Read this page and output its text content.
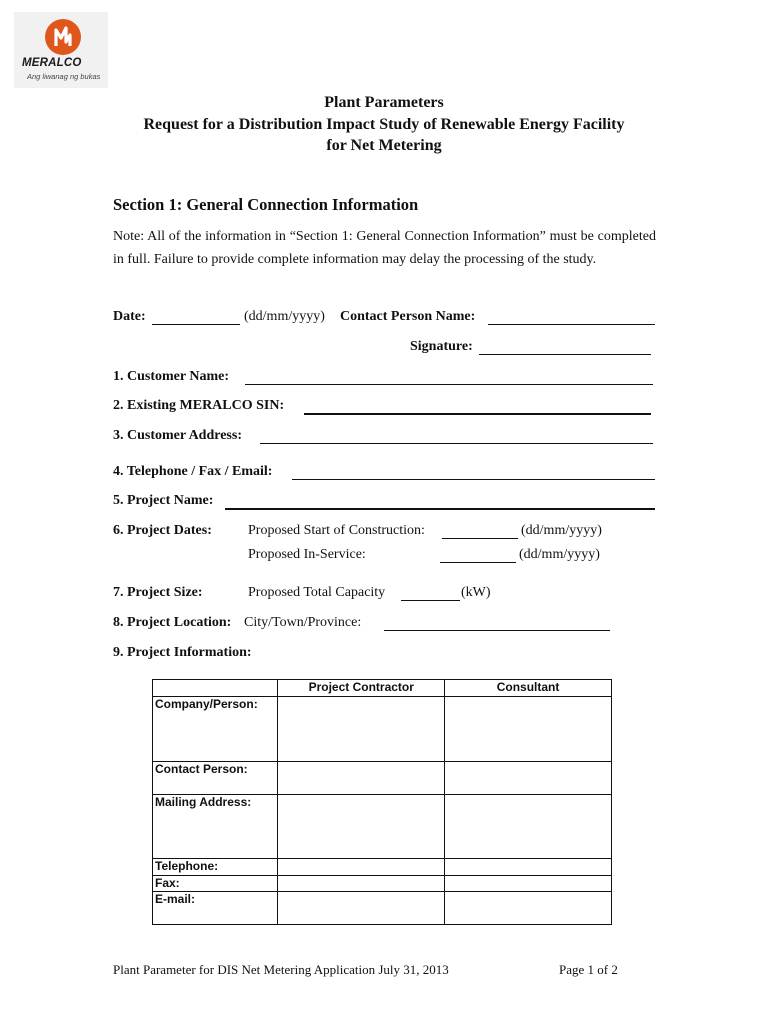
MERALCO
Ang liwanag ng bukas
Plant Parameters
Request for a Distribution Impact Study of Renewable Energy Facility
for Net Metering
Section 1: General Connection Information
Note: All of the information in “Section 1: General Connection Information” must be completed in full. Failure to provide complete information may delay the processing of the study.
Date:	(dd/mm/yyyy) Contact Person Name:
Signature:
1. Customer Name:
2. Existing MERALCO SIN:
3. Customer Address:
4. Telephone / Fax / Email:
5. Project Name:
6. Project Dates:	Proposed Start of Construction:	(dd/mm/yyyy)
Proposed In-Service:	(dd/mm/yyyy)
7. Project Size:	Proposed Total Capacity	(kW)
8. Project Location: City/Town/Province:
9. Project Information:
	Project Contractor	Consultant
Company/Person:		
Contact Person:		
Mailing Address:		
Telephone:		
Fax:		
E-mail:		
Plant Parameter for DIS Net Metering Application July 31, 2013	Page 1 of 2
